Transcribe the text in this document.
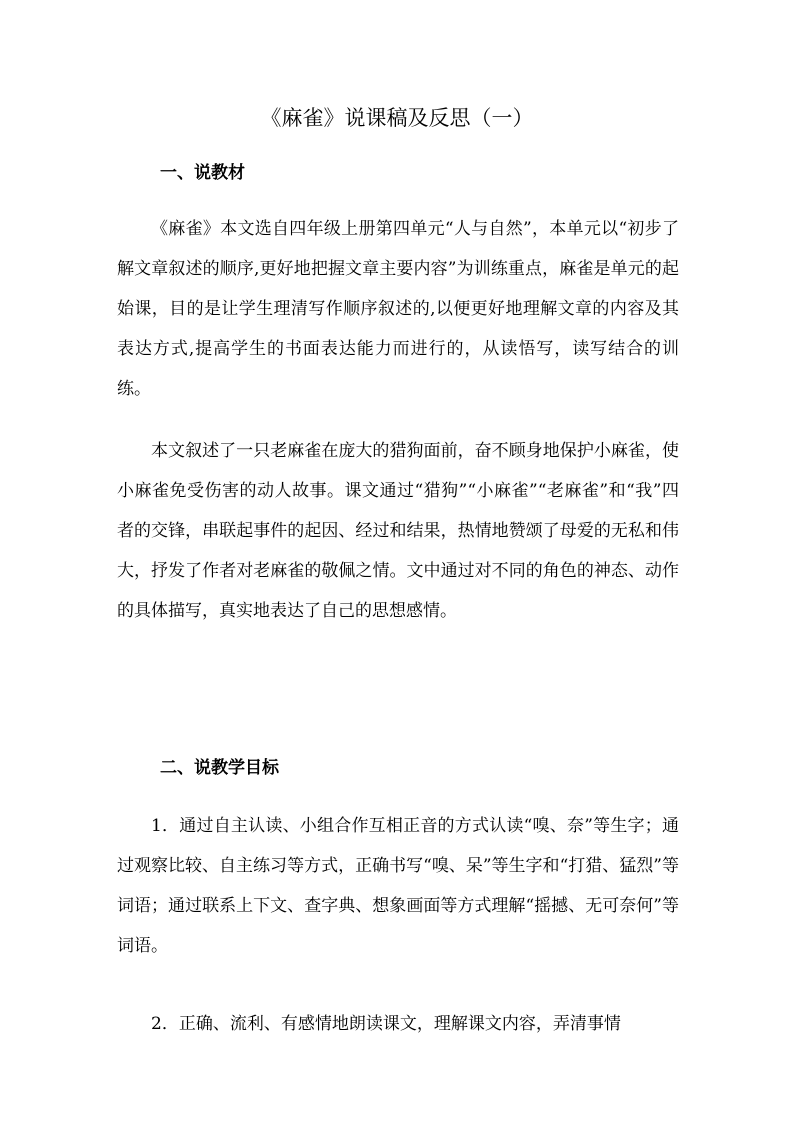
《麻雀》说课稿及反思（一）
一、说教材
《麻雀》本文选自四年级上册第四单元“人与自然”，本单元以“初步了解文章叙述的顺序,更好地把握文章主要内容”为训练重点，麻雀是单元的起始课，目的是让学生理清写作顺序叙述的,以便更好地理解文章的内容及其表达方式,提高学生的书面表达能力而进行的，从读悟写，读写结合的训练。
本文叙述了一只老麻雀在庞大的猎狗面前，奋不顾身地保护小麻雀，使小麻雀免受伤害的动人故事。课文通过“猎狗”“小麻雀”“老麻雀”和“我”四者的交锋，串联起事件的起因、经过和结果，热情地赞颂了母爱的无私和伟大，抒发了作者对老麻雀的敬佩之情。文中通过对不同的角色的神态、动作的具体描写，真实地表达了自己的思想感情。
二、说教学目标
1．通过自主认读、小组合作互相正音的方式认读“嗅、奈”等生字；通过观察比较、自主练习等方式，正确书写“嗅、呆”等生字和“打猎、猛烈”等词语；通过联系上下文、查字典、想象画面等方式理解“摇撼、无可奈何”等词语。
2．正确、流利、有感情地朗读课文，理解课文内容，弄清事情
